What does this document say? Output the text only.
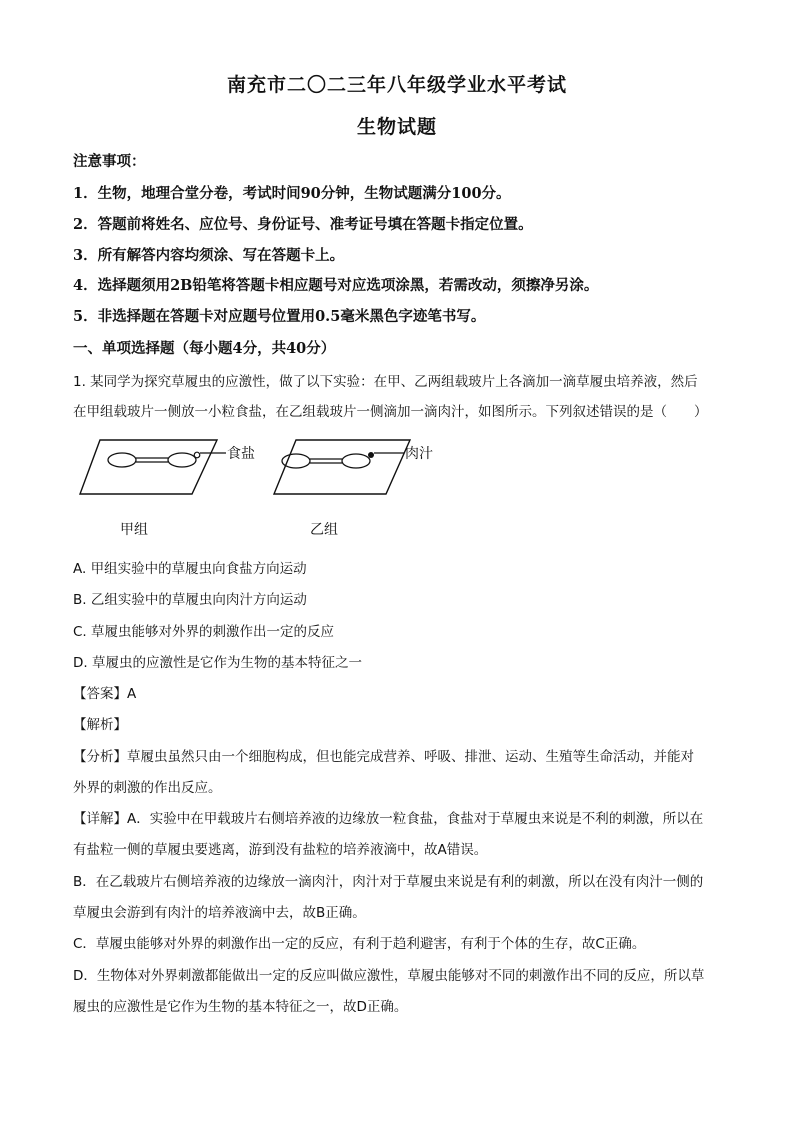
南充市二〇二三年八年级学业水平考试
生物试题
注意事项：
1．生物，地理合堂分卷，考试时间90分钟，生物试题满分100分。
2．答题前将姓名、应位号、身份证号、准考证号填在答题卡指定位置。
3．所有解答内容均须涂、写在答题卡上。
4．选择题须用2B铅笔将答题卡相应题号对应选项涂黑，若需改动，须擦净另涂。
5．非选择题在答题卡对应题号位置用0.5毫米黑色字迹笔书写。
一、单项选择题（每小题4分，共40分）
1. 某同学为探究草履虫的应激性，做了以下实验：在甲、乙两组载玻片上各滴加一滴草履虫培养液，然后
在甲组载玻片一侧放一小粒食盐，在乙组载玻片一侧滴加一滴肉汁，如图所示。下列叙述错误的是（　　）
食盐	肉汁
甲组	乙组
A. 甲组实验中的草履虫向食盐方向运动
B. 乙组实验中的草履虫向肉汁方向运动
C. 草履虫能够对外界的刺激作出一定的反应
D. 草履虫的应激性是它作为生物的基本特征之一
【答案】A
【解析】
【分析】草履虫虽然只由一个细胞构成，但也能完成营养、呼吸、排泄、运动、生殖等生命活动，并能对
外界的刺激的作出反应。
【详解】A．实验中在甲载玻片右侧培养液的边缘放一粒食盐，食盐对于草履虫来说是不利的刺激，所以在
有盐粒一侧的草履虫要逃离，游到没有盐粒的培养液滴中，故A错误。
B．在乙载玻片右侧培养液的边缘放一滴肉汁，肉汁对于草履虫来说是有利的刺激，所以在没有肉汁一侧的
草履虫会游到有肉汁的培养液滴中去，故B正确。
C．草履虫能够对外界的刺激作出一定的反应，有利于趋利避害，有利于个体的生存，故C正确。
D．生物体对外界刺激都能做出一定的反应叫做应激性，草履虫能够对不同的刺激作出不同的反应，所以草
履虫的应激性是它作为生物的基本特征之一，故D正确。
